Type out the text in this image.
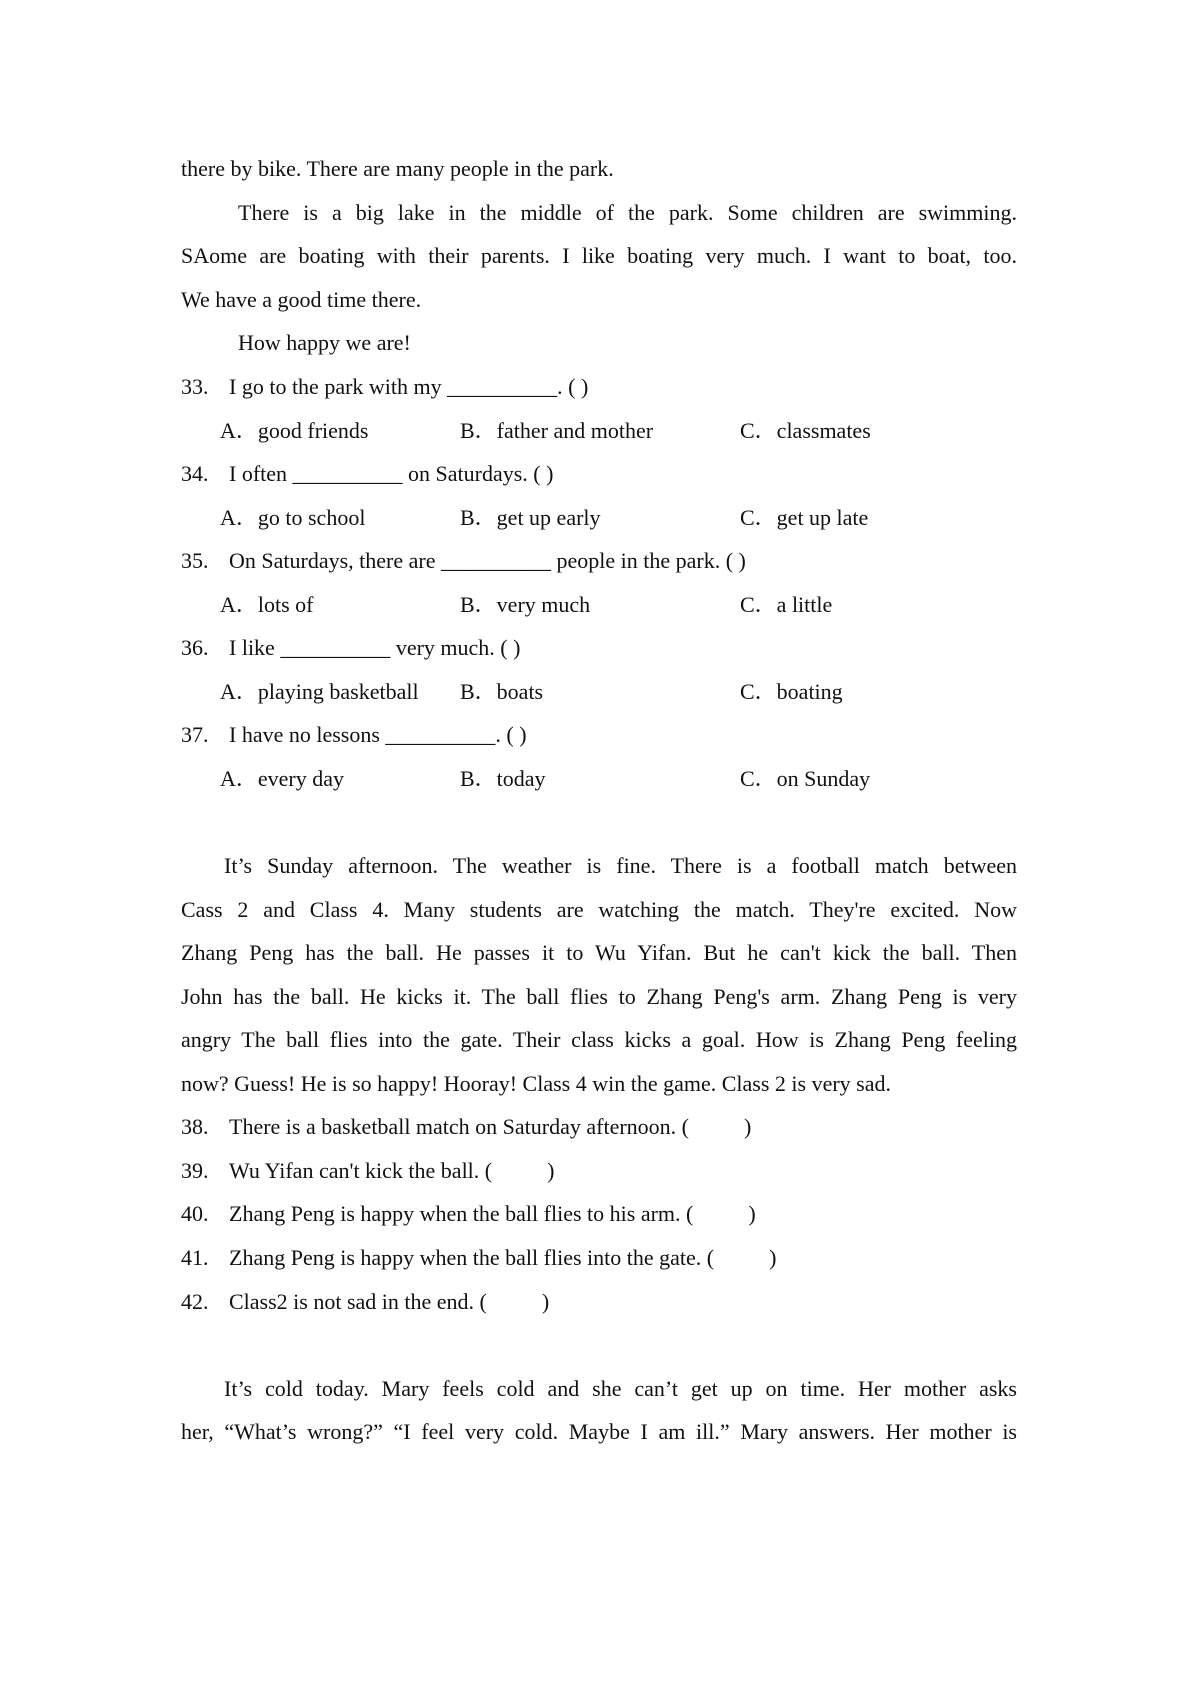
there by bike. There are many people in the park.
There is a big lake in the middle of the park. Some children are swimming.
SAome are boating with their parents. I like boating very much. I want to boat, too.
We have a good time there.
How happy we are!
33. I go to the park with my __________. ( )
A．good friends	B．father and mother	C．classmates
34. I often __________ on Saturdays. ( )
A．go to school	B．get up early	C．get up late
35. On Saturdays, there are __________ people in the park. ( )
A．lots of	B．very much	C．a little
36. I like __________ very much. ( )
A．playing basketball B．boats	C．boating
37. I have no lessons __________. ( )
A．every day	B．today	C．on Sunday
It’s Sunday afternoon. The weather is fine. There is a football match between
Cass 2 and Class 4. Many students are watching the match. They're excited. Now
Zhang Peng has the ball. He passes it to Wu Yifan. But he can't kick the ball. Then
John has the ball. He kicks it. The ball flies to Zhang Peng's arm. Zhang Peng is very
angry The ball flies into the gate. Their class kicks a goal. How is Zhang Peng feeling
now? Guess! He is so happy! Hooray! Class 4 win the game. Class 2 is very sad.
38. There is a basketball match on Saturday afternoon. (          )
39. Wu Yifan can't kick the ball. (          )
40. Zhang Peng is happy when the ball flies to his arm. (          )
41. Zhang Peng is happy when the ball flies into the gate. (          )
42. Class2 is not sad in the end. (          )
It’s cold today. Mary feels cold and she can’t get up on time. Her mother asks
her, “What’s wrong?” “I feel very cold. Maybe I am ill.” Mary answers. Her mother is
